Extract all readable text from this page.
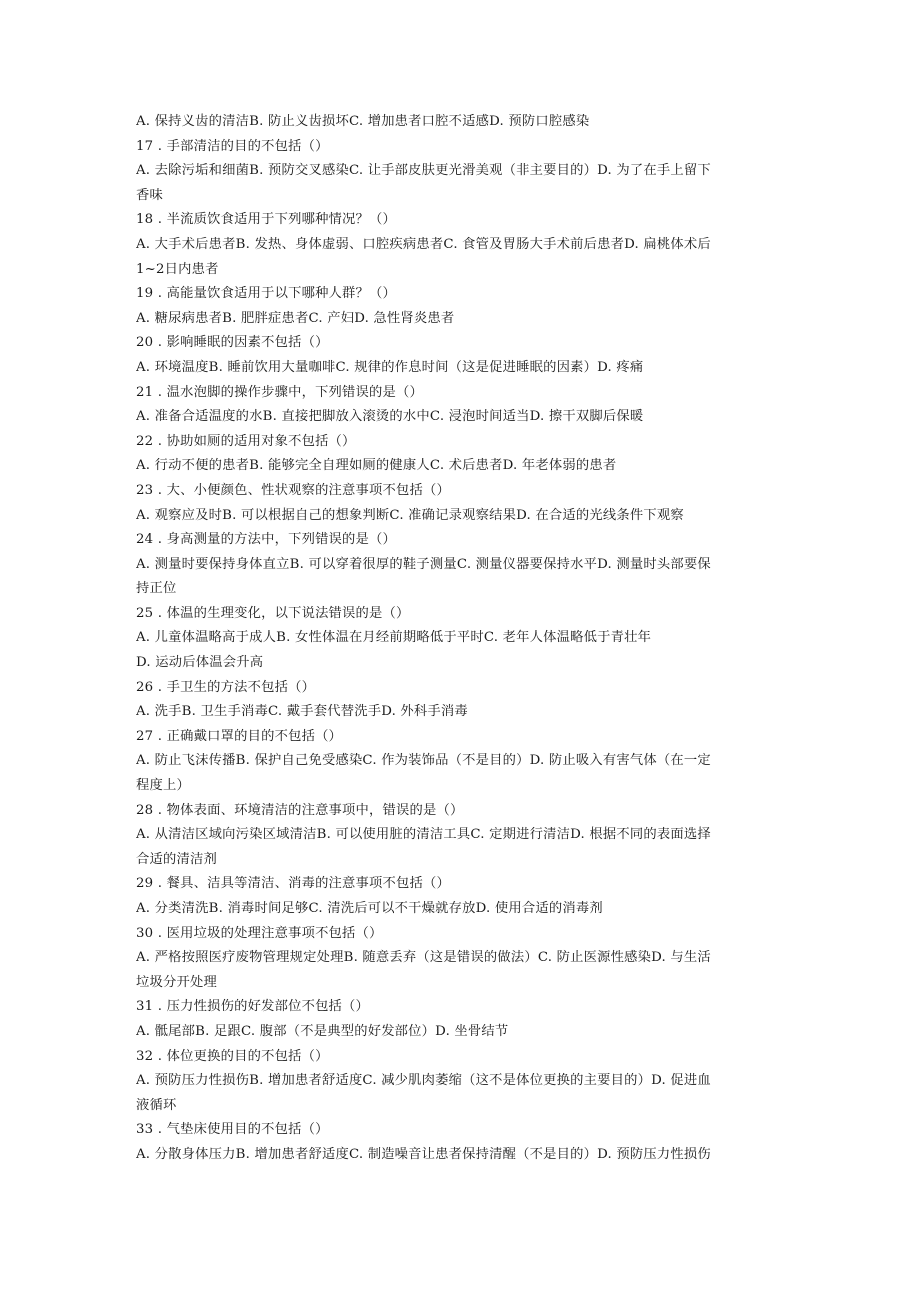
A. 保持义齿的清洁B. 防止义齿损坏C. 增加患者口腔不适感D. 预防口腔感染
17 . 手部清洁的目的不包括（）
A. 去除污垢和细菌B. 预防交叉感染C. 让手部皮肤更光滑美观（非主要目的）D. 为了在手上留下
香味
18 . 半流质饮食适用于下列哪种情况？（）
A. 大手术后患者B. 发热、身体虚弱、口腔疾病患者C. 食管及胃肠大手术前后患者D. 扁桃体术后
1~2日内患者
19 . 高能量饮食适用于以下哪种人群？（）
A. 糖尿病患者B. 肥胖症患者C. 产妇D. 急性肾炎患者
20 . 影响睡眠的因素不包括（）
A. 环境温度B. 睡前饮用大量咖啡C. 规律的作息时间（这是促进睡眠的因素）D. 疼痛
21 . 温水泡脚的操作步骤中，下列错误的是（）
A. 准备合适温度的水B. 直接把脚放入滚烫的水中C. 浸泡时间适当D. 擦干双脚后保暖
22 . 协助如厕的适用对象不包括（）
A. 行动不便的患者B. 能够完全自理如厕的健康人C. 术后患者D. 年老体弱的患者
23 . 大、小便颜色、性状观察的注意事项不包括（）
A. 观察应及时B. 可以根据自己的想象判断C. 准确记录观察结果D. 在合适的光线条件下观察
24 . 身高测量的方法中，下列错误的是（）
A. 测量时要保持身体直立B. 可以穿着很厚的鞋子测量C. 测量仪器要保持水平D. 测量时头部要保
持正位
25 . 体温的生理变化，以下说法错误的是（）
A. 儿童体温略高于成人B. 女性体温在月经前期略低于平时C. 老年人体温略低于青壮年
D. 运动后体温会升高
26 . 手卫生的方法不包括（）
A. 洗手B. 卫生手消毒C. 戴手套代替洗手D. 外科手消毒
27 . 正确戴口罩的目的不包括（）
A. 防止飞沫传播B. 保护自己免受感染C. 作为装饰品（不是目的）D. 防止吸入有害气体（在一定
程度上）
28 . 物体表面、环境清洁的注意事项中，错误的是（）
A. 从清洁区域向污染区域清洁B. 可以使用脏的清洁工具C. 定期进行清洁D. 根据不同的表面选择
合适的清洁剂
29 . 餐具、洁具等清洁、消毒的注意事项不包括（）
A. 分类清洗B. 消毒时间足够C. 清洗后可以不干燥就存放D. 使用合适的消毒剂
30 . 医用垃圾的处理注意事项不包括（）
A. 严格按照医疗废物管理规定处理B. 随意丢弃（这是错误的做法）C. 防止医源性感染D. 与生活
垃圾分开处理
31 . 压力性损伤的好发部位不包括（）
A. 骶尾部B. 足跟C. 腹部（不是典型的好发部位）D. 坐骨结节
32 . 体位更换的目的不包括（）
A. 预防压力性损伤B. 增加患者舒适度C. 减少肌肉萎缩（这不是体位更换的主要目的）D. 促进血
液循环
33 . 气垫床使用目的不包括（）
A. 分散身体压力B. 增加患者舒适度C. 制造噪音让患者保持清醒（不是目的）D. 预防压力性损伤
